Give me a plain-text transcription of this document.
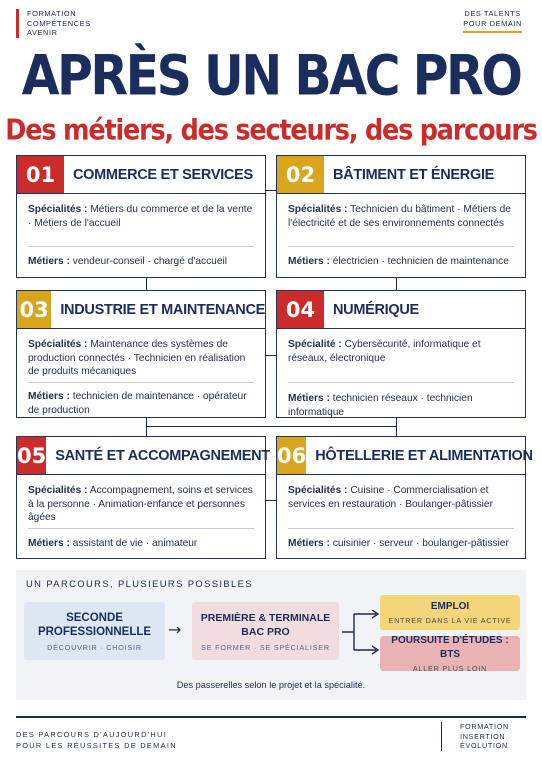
FORMATION
COMPÉTENCES
AVENIR
DES TALENTS
POUR DEMAIN
APRÈS UN BAC PRO
Des métiers, des secteurs, des parcours
01	COMMERCE ET SERVICES
Spécialités : Métiers du commerce et de la vente · Métiers de l'accueil
Métiers : vendeur-conseil · chargé d'accueil
02	BÂTIMENT ET ÉNERGIE
Spécialités : Technicien du bâtiment · Métiers de l'électricité et de ses environnements connectés
Métiers : électricien · technicien de maintenance
03 INDUSTRIE ET MAINTENANCE
Spécialités : Maintenance des systèmes de production connectés · Technicien en réalisation de produits mécaniques
Métiers : technicien de maintenance · opérateur de production
04	NUMÉRIQUE
Spécialité : Cybersécurité, informatique et réseaux, électronique
Métiers : technicien réseaux · technicien informatique
05 SANTÉ ET ACCOMPAGNEMENT
Spécialités : Accompagnement, soins et services à la personne · Animation-enfance et personnes âgées
Métiers : assistant de vie · animateur
06 HÔTELLERIE ET ALIMENTATION
Spécialités : Cuisine · Commercialisation et services en restauration · Boulanger-pâtissier
Métiers : cuisinier · serveur · boulanger-pâtissier
UN PARCOURS, PLUSIEURS POSSIBLES
SECONDE
PROFESSIONNELLE
DÉCOUVRIR · CHOISIR
→
PREMIÈRE & TERMINALE
BAC PRO
SE FORMER · SE SPÉCIALISER
EMPLOI
ENTRER DANS LA VIE ACTIVE
POURSUITE D'ÉTUDES : BTS
ALLER PLUS LOIN
Des passerelles selon le projet et la spécialité.
DES PARCOURS D'AUJOURD'HUI
POUR LES RÉUSSITES DE DEMAIN
FORMATION
INSERTION
ÉVOLUTION
